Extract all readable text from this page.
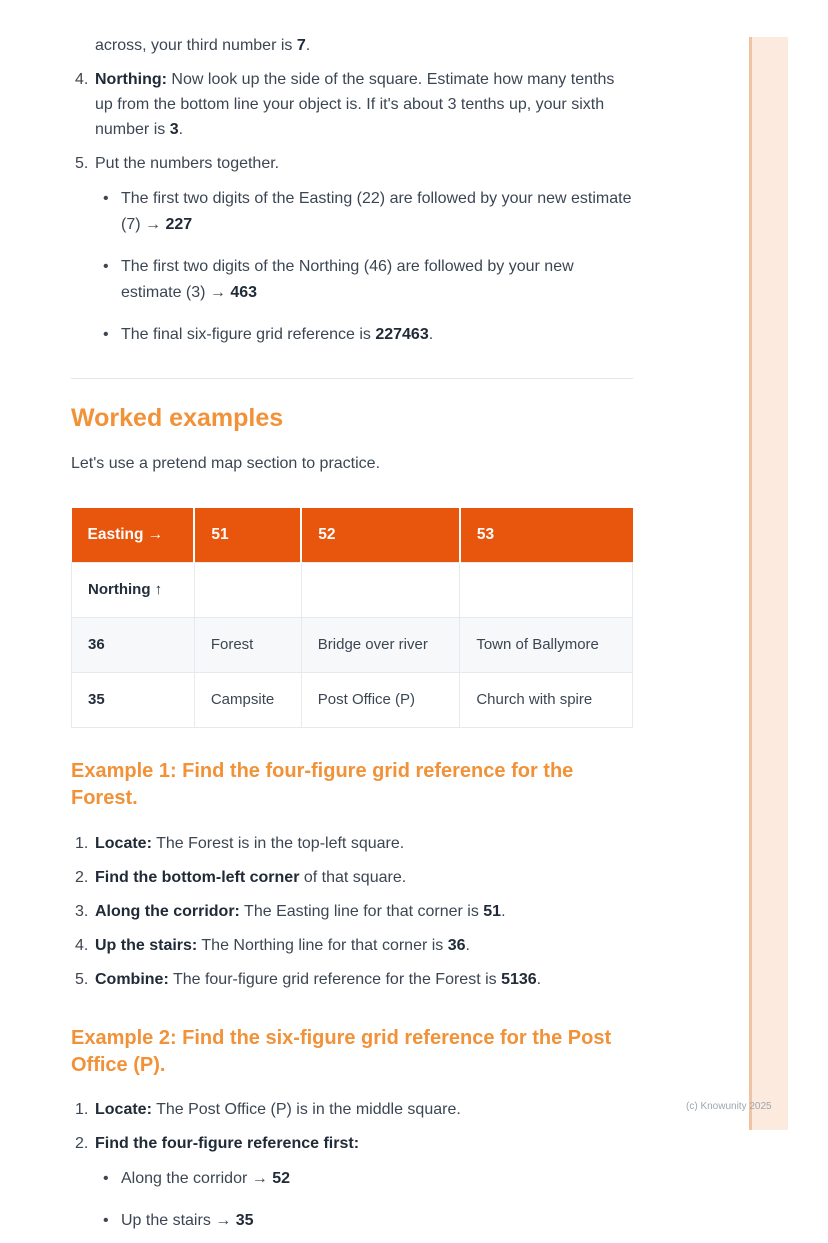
(c) Knowunity 2025
across, your third number is 7.
4. Northing: Now look up the side of the square. Estimate how many tenths up from the bottom line your object is. If it's about 3 tenths up, your sixth number is 3.
5. Put the numbers together.
• The first two digits of the Easting (22) are followed by your new estimate (7) → 227
• The first two digits of the Northing (46) are followed by your new estimate (3) → 463
• The final six-figure grid reference is 227463.
Worked examples

Let's use a pretend map section to practice.

Easting →	51	52	53
Northing ↑			
36	Forest	Bridge over river	Town of Ballymore
35	Campsite	Post Office (P)	Church with spire
Example 1: Find the four-figure grid reference for the Forest.
1. Locate: The Forest is in the top-left square.
2. Find the bottom-left corner of that square.
3. Along the corridor: The Easting line for that corner is 51.
4. Up the stairs: The Northing line for that corner is 36.
5. Combine: The four-figure grid reference for the Forest is 5136.
Example 2: Find the six-figure grid reference for the Post Office (P).
1. Locate: The Post Office (P) is in the middle square.
2. Find the four-figure reference first:
• Along the corridor → 52
• Up the stairs → 35
